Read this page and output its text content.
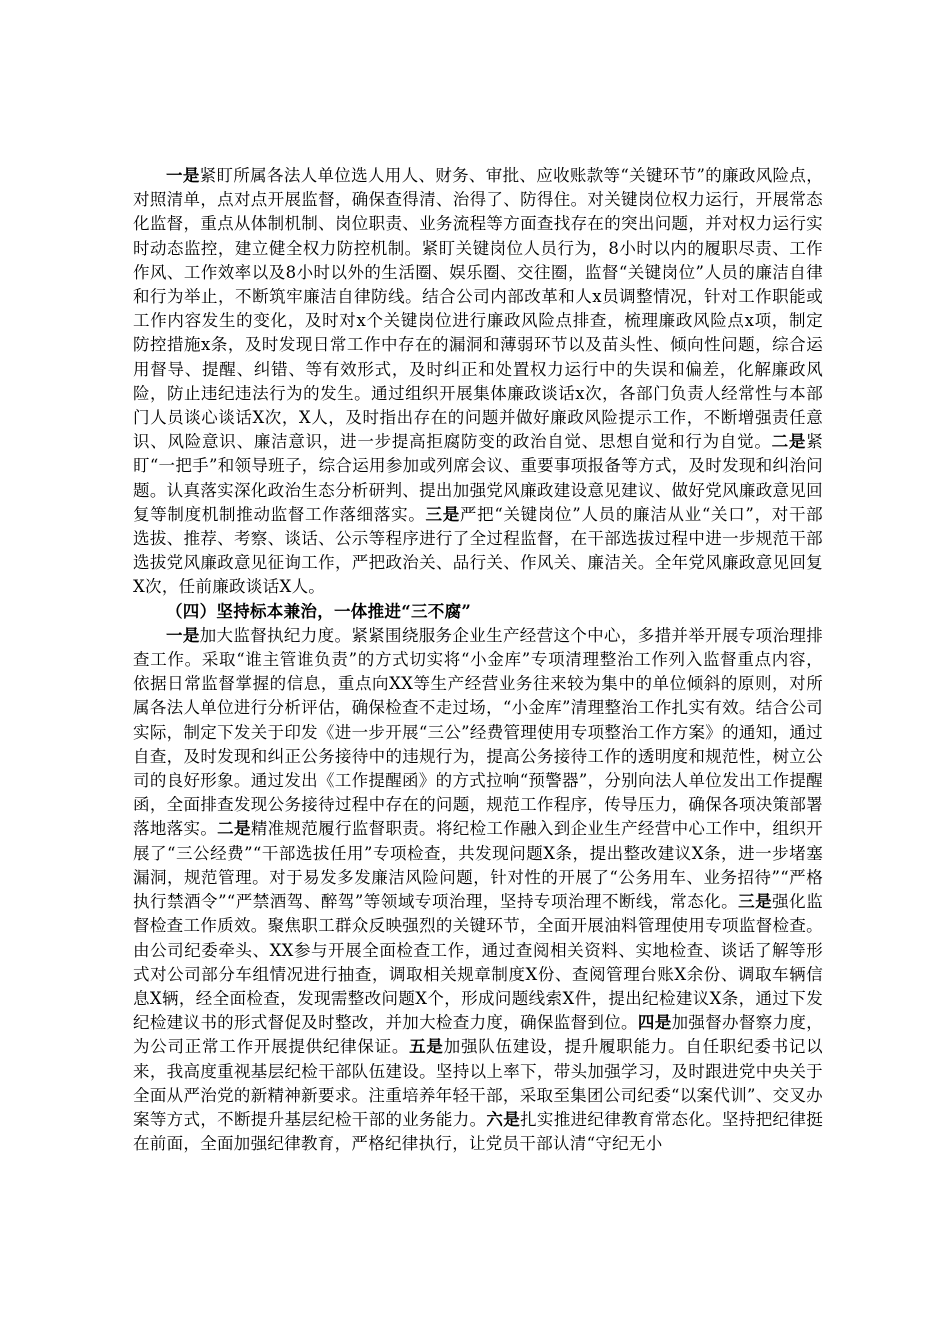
一是紧盯所属各法人单位选人用人、财务、审批、应收账款等“关键环节”的廉政风险点，对照清单，点对点开展监督，确保查得清、治得了、防得住。对关键岗位权力运行，开展常态化监督，重点从体制机制、岗位职责、业务流程等方面查找存在的突出问题，并对权力运行实时动态监控，建立健全权力防控机制。紧盯关键岗位人员行为，8小时以内的履职尽责、工作作风、工作效率以及8小时以外的生活圈、娱乐圈、交往圈，监督“关键岗位”人员的廉洁自律和行为举止，不断筑牢廉洁自律防线。结合公司内部改革和人x员调整情况，针对工作职能或工作内容发生的变化，及时对x个关键岗位进行廉政风险点排查，梳理廉政风险点x项，制定防控措施x条，及时发现日常工作中存在的漏洞和薄弱环节以及苗头性、倾向性问题，综合运用督导、提醒、纠错、等有效形式，及时纠正和处置权力运行中的失误和偏差，化解廉政风险，防止违纪违法行为的发生。通过组织开展集体廉政谈话x次，各部门负责人经常性与本部门人员谈心谈话X次，X人，及时指出存在的问题并做好廉政风险提示工作，不断增强责任意识、风险意识、廉洁意识，进一步提高拒腐防变的政治自觉、思想自觉和行为自觉。二是紧盯“一把手”和领导班子，综合运用参加或列席会议、重要事项报备等方式，及时发现和纠治问题。认真落实深化政治生态分析研判、提出加强党风廉政建设意见建议、做好党风廉政意见回复等制度机制推动监督工作落细落实。三是严把“关键岗位”人员的廉洁从业“关口”，对干部选拔、推荐、考察、谈话、公示等程序进行了全过程监督，在干部选拔过程中进一步规范干部选拔党风廉政意见征询工作，严把政治关、品行关、作风关、廉洁关。全年党风廉政意见回复X次，任前廉政谈话X人。

（四）坚持标本兼治，一体推进“三不腐”

一是加大监督执纪力度。紧紧围绕服务企业生产经营这个中心，多措并举开展专项治理排查工作。采取“谁主管谁负责”的方式切实将“小金库”专项清理整治工作列入监督重点内容，依据日常监督掌握的信息，重点向XX等生产经营业务往来较为集中的单位倾斜的原则，对所属各法人单位进行分析评估，确保检查不走过场，“小金库”清理整治工作扎实有效。结合公司实际，制定下发关于印发《进一步开展“三公”经费管理使用专项整治工作方案》的通知，通过自查，及时发现和纠正公务接待中的违规行为，提高公务接待工作的透明度和规范性，树立公司的良好形象。通过发出《工作提醒函》的方式拉响“预警器”，分别向法人单位发出工作提醒函，全面排查发现公务接待过程中存在的问题，规范工作程序，传导压力，确保各项决策部署落地落实。二是精准规范履行监督职责。将纪检工作融入到企业生产经营中心工作中，组织开展了“三公经费”“干部选拔任用”专项检查，共发现问题X条，提出整改建议X条，进一步堵塞漏洞，规范管理。对于易发多发廉洁风险问题，针对性的开展了“公务用车、业务招待”“严格执行禁酒令”“严禁酒驾、醉驾”等领域专项治理，坚持专项治理不断线，常态化。三是强化监督检查工作质效。聚焦职工群众反映强烈的关键环节，全面开展油料管理使用专项监督检查。由公司纪委牵头、XX参与开展全面检查工作，通过查阅相关资料、实地检查、谈话了解等形式对公司部分车组情况进行抽查，调取相关规章制度X份、查阅管理台账X余份、调取车辆信息X辆，经全面检查，发现需整改问题X个，形成问题线索X件，提出纪检建议X条，通过下发纪检建议书的形式督促及时整改，并加大检查力度，确保监督到位。四是加强督办督察力度，为公司正常工作开展提供纪律保证。五是加强队伍建设，提升履职能力。自任职纪委书记以来，我高度重视基层纪检干部队伍建设。坚持以上率下，带头加强学习，及时跟进党中央关于全面从严治党的新精神新要求。注重培养年轻干部，采取至集团公司纪委“以案代训”、交叉办案等方式，不断提升基层纪检干部的业务能力。六是扎实推进纪律教育常态化。坚持把纪律挺在前面，全面加强纪律教育，严格纪律执行，让党员干部认清“守纪无小
